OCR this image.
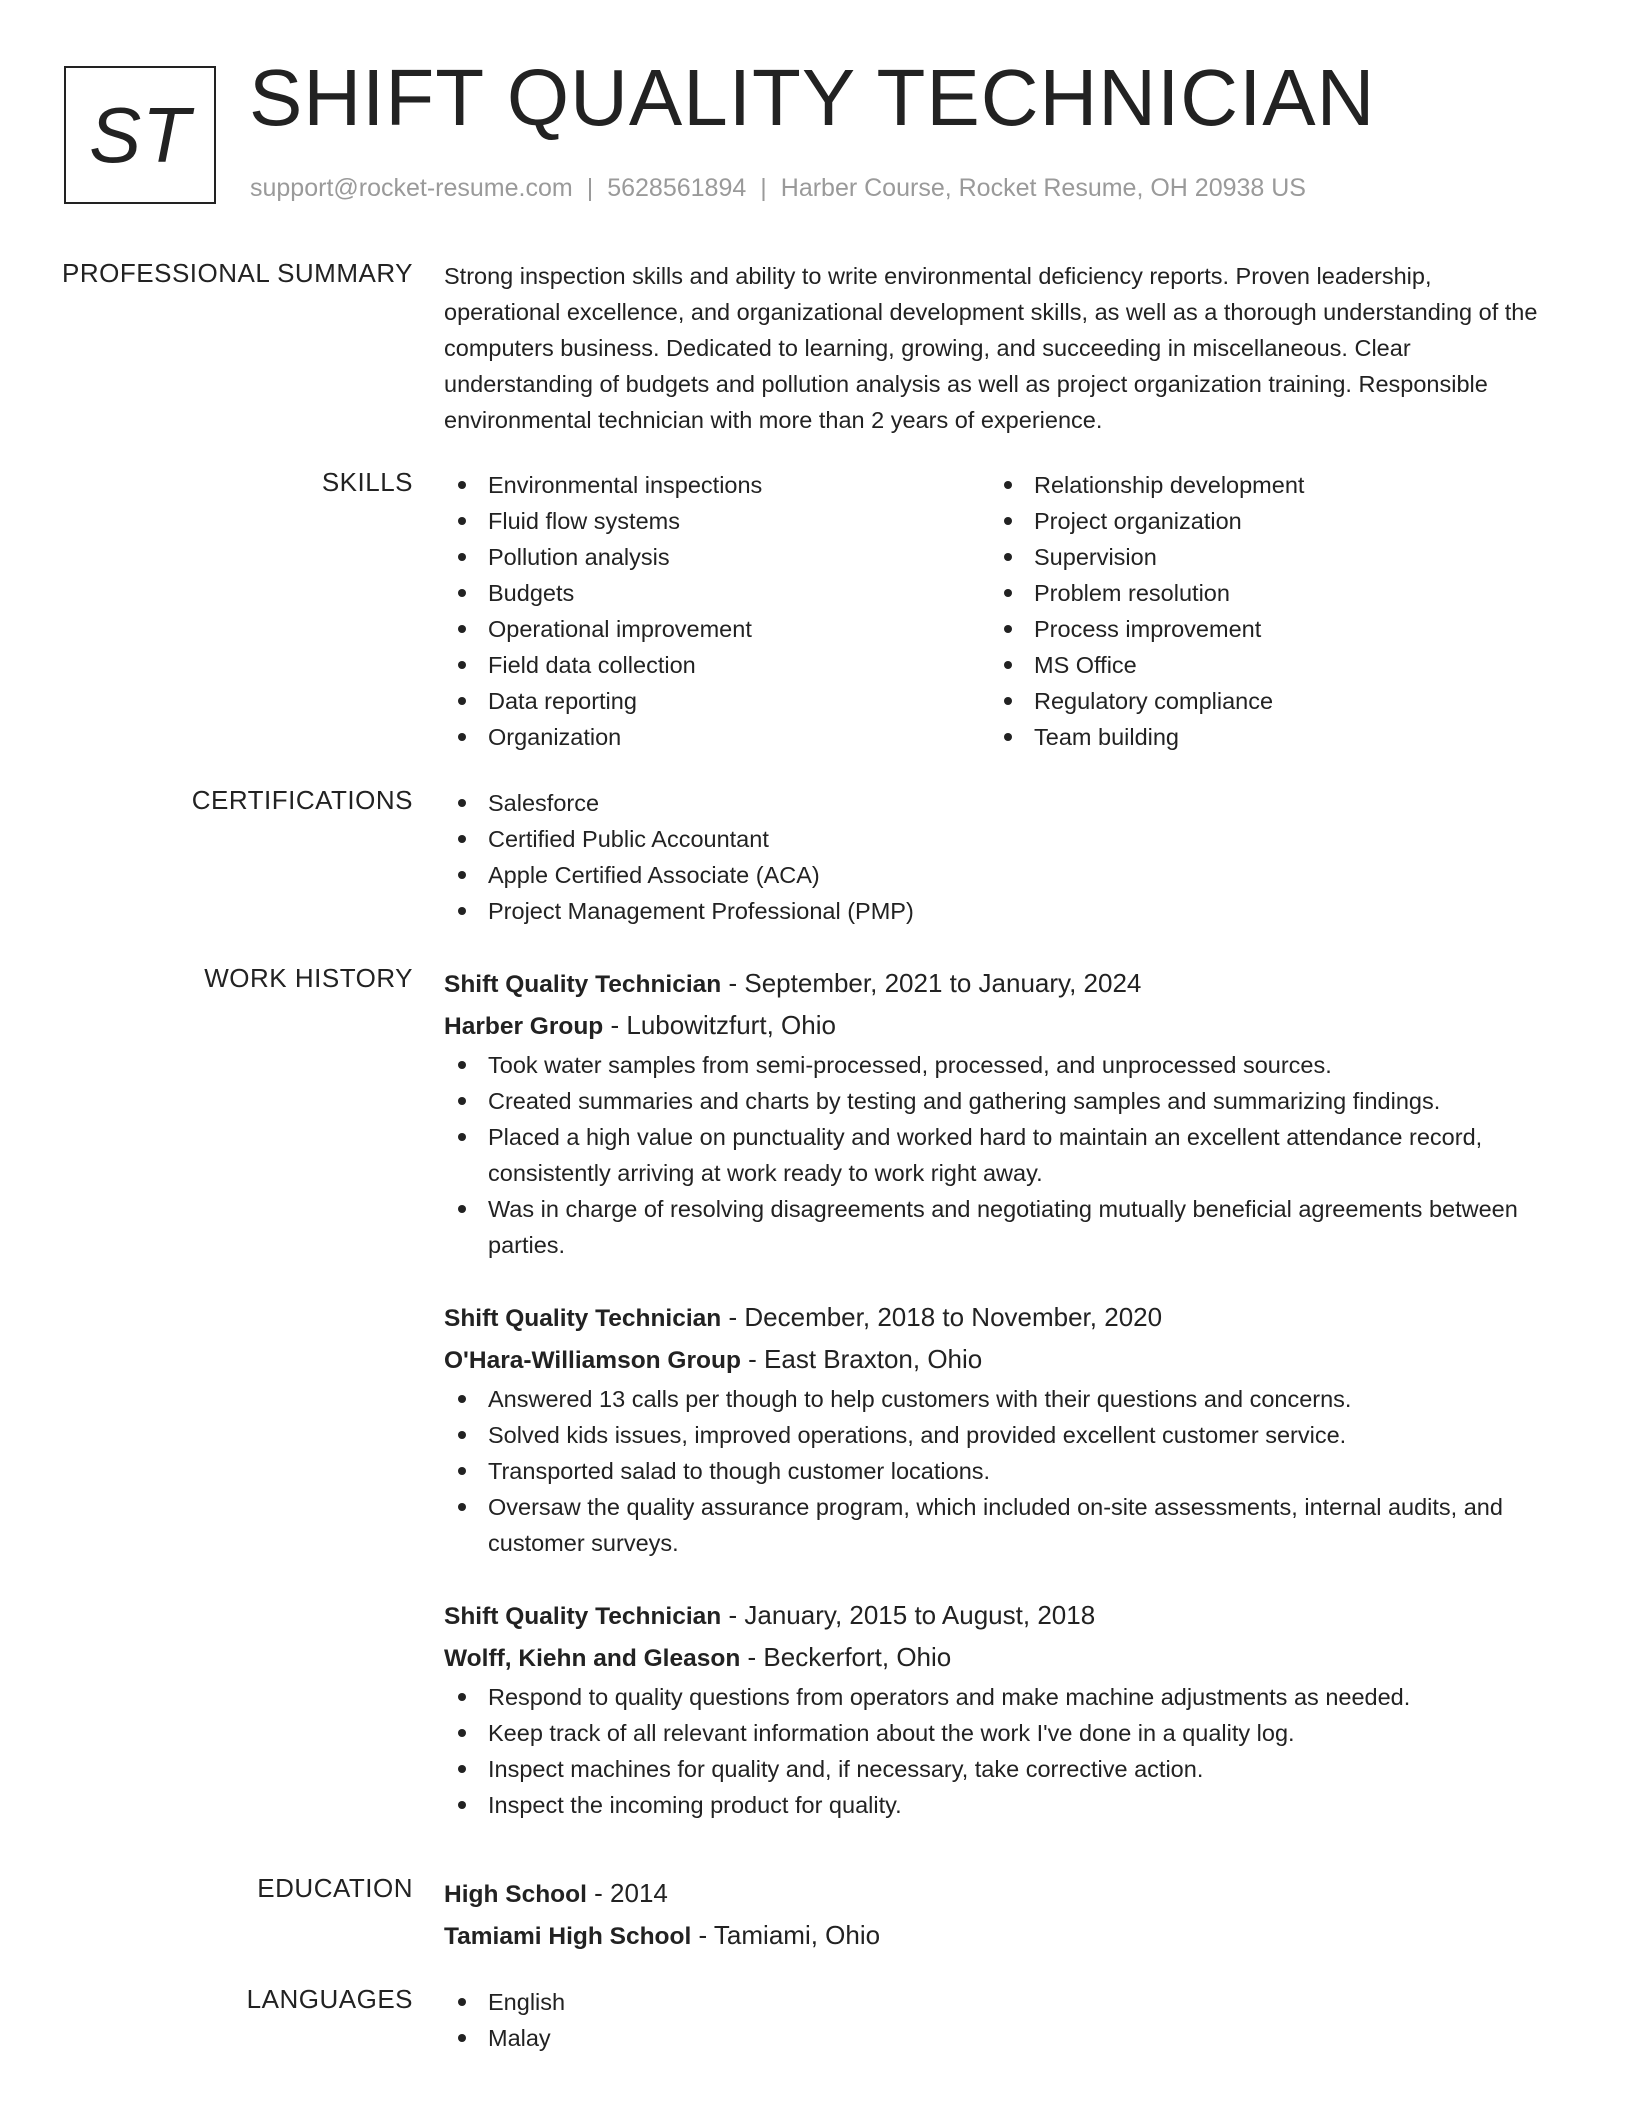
ST SHIFT QUALITY TECHNICIAN
support@rocket-resume.com | 5628561894 | Harber Course, Rocket Resume, OH 20938 US
PROFESSIONAL SUMMARY Strong inspection skills and ability to write environmental deficiency reports. Proven leadership, operational excellence, and organizational development skills, as well as a thorough understanding of the computers business. Dedicated to learning, growing, and succeeding in miscellaneous. Clear understanding of budgets and pollution analysis as well as project organization training. Responsible environmental technician with more than 2 years of experience.

SKILLS	Environmental inspections
Fluid flow systems
Pollution analysis
Budgets
Operational improvement
Field data collection
Data reporting
Organization
Relationship development
Project organization
Supervision
Problem resolution
Process improvement
MS Office
Regulatory compliance
Team building
CERTIFICATIONS	Salesforce
Certified Public Accountant
Apple Certified Associate (ACA)
Project Management Professional (PMP)
WORK HISTORY Shift Quality Technician - September, 2021 to January, 2024
Harber Group - Lubowitzfurt, Ohio
Took water samples from semi-processed, processed, and unprocessed sources.
Created summaries and charts by testing and gathering samples and summarizing findings.
Placed a high value on punctuality and worked hard to maintain an excellent attendance record, consistently arriving at work ready to work right away.
Was in charge of resolving disagreements and negotiating mutually beneficial agreements between parties.
Shift Quality Technician - December, 2018 to November, 2020
O'Hara-Williamson Group - East Braxton, Ohio
Answered 13 calls per though to help customers with their questions and concerns.
Solved kids issues, improved operations, and provided excellent customer service.
Transported salad to though customer locations.
Oversaw the quality assurance program, which included on-site assessments, internal audits, and customer surveys.
Shift Quality Technician - January, 2015 to August, 2018
Wolff, Kiehn and Gleason - Beckerfort, Ohio
Respond to quality questions from operators and make machine adjustments as needed.
Keep track of all relevant information about the work I've done in a quality log.
Inspect machines for quality and, if necessary, take corrective action.
Inspect the incoming product for quality.
EDUCATION High School - 2014
Tamiami High School - Tamiami, Ohio
LANGUAGES	English
Malay
